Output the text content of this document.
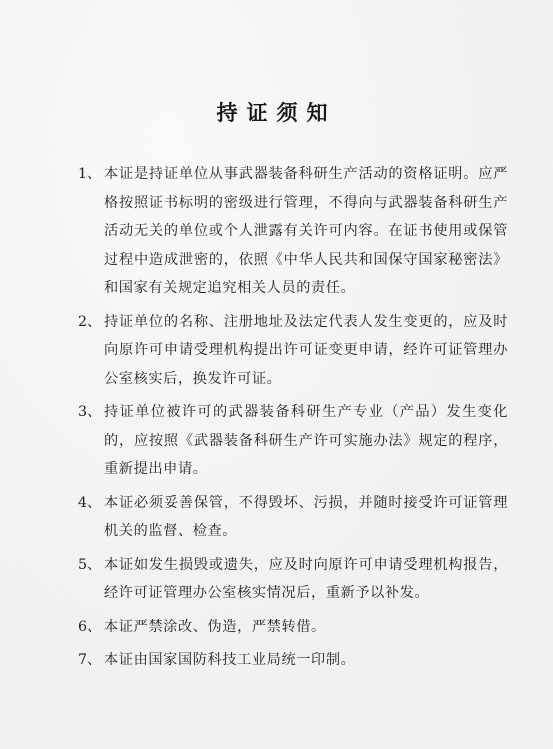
持证须知
1、 本证是持证单位从事武器装备科研生产活动的资格证明。应严格按照证书标明的密级进行管理，不得向与武器装备科研生产活动无关的单位或个人泄露有关许可内容。在证书使用或保管过程中造成泄密的，依照《中华人民共和国保守国家秘密法》和国家有关规定追究相关人员的责任。
2、 持证单位的名称、注册地址及法定代表人发生变更的，应及时向原许可申请受理机构提出许可证变更申请，经许可证管理办公室核实后，换发许可证。
3、 持证单位被许可的武器装备科研生产专业（产品）发生变化的，应按照《武器装备科研生产许可实施办法》规定的程序，重新提出申请。
4、 本证必须妥善保管，不得毁坏、污损，并随时接受许可证管理机关的监督、检查。
5、 本证如发生损毁或遗失，应及时向原许可申请受理机构报告，经许可证管理办公室核实情况后，重新予以补发。
6、 本证严禁涂改、伪造，严禁转借。
7、 本证由国家国防科技工业局统一印制。
